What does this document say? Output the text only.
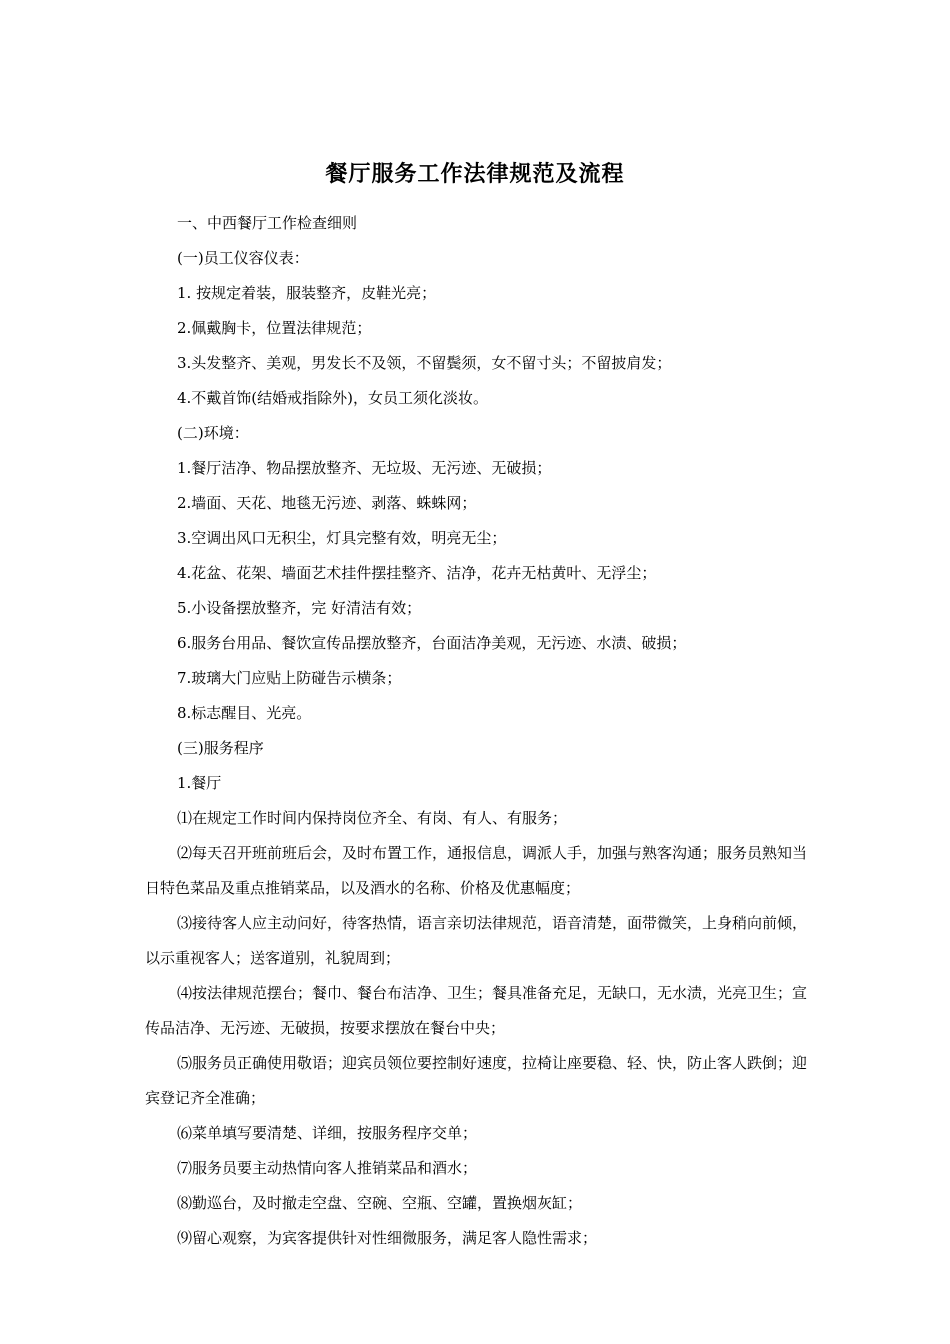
餐厅服务工作法律规范及流程

一、中西餐厅工作检查细则

(一)员工仪容仪表：

1. 按规定着装，服装整齐，皮鞋光亮；

2.佩戴胸卡，位置法律规范；

3.头发整齐、美观，男发长不及领，不留鬓须，女不留寸头；不留披肩发；

4.不戴首饰(结婚戒指除外)，女员工须化淡妆。

(二)环境：

1.餐厅洁净、物品摆放整齐、无垃圾、无污迹、无破损；

2.墙面、天花、地毯无污迹、剥落、蛛蛛网；

3.空调出风口无积尘，灯具完整有效，明亮无尘；

4.花盆、花架、墙面艺术挂件摆挂整齐、洁净，花卉无枯黄叶、无浮尘；

5.小设备摆放整齐，完 好清洁有效；

6.服务台用品、餐饮宣传品摆放整齐，台面洁净美观，无污迹、水渍、破损；

7.玻璃大门应贴上防碰告示横条；

8.标志醒目、光亮。

(三)服务程序

1.餐厅

⑴在规定工作时间内保持岗位齐全、有岗、有人、有服务；

⑵每天召开班前班后会，及时布置工作，通报信息，调派人手，加强与熟客沟通；服务员熟知当日特色菜品及重点推销菜品，以及酒水的名称、价格及优惠幅度；

⑶接待客人应主动问好，待客热情，语言亲切法律规范，语音清楚，面带微笑，上身稍向前倾，以示重视客人；送客道别，礼貌周到；

⑷按法律规范摆台；餐巾、餐台布洁净、卫生；餐具准备充足，无缺口，无水渍，光亮卫生；宣传品洁净、无污迹、无破损，按要求摆放在餐台中央；

⑸服务员正确使用敬语；迎宾员领位要控制好速度，拉椅让座要稳、轻、快，防止客人跌倒；迎宾登记齐全准确；

⑹菜单填写要清楚、详细，按服务程序交单；

⑺服务员要主动热情向客人推销菜品和酒水；

⑻勤巡台，及时撤走空盘、空碗、空瓶、空罐，置换烟灰缸；

⑼留心观察，为宾客提供针对性细微服务，满足客人隐性需求；
